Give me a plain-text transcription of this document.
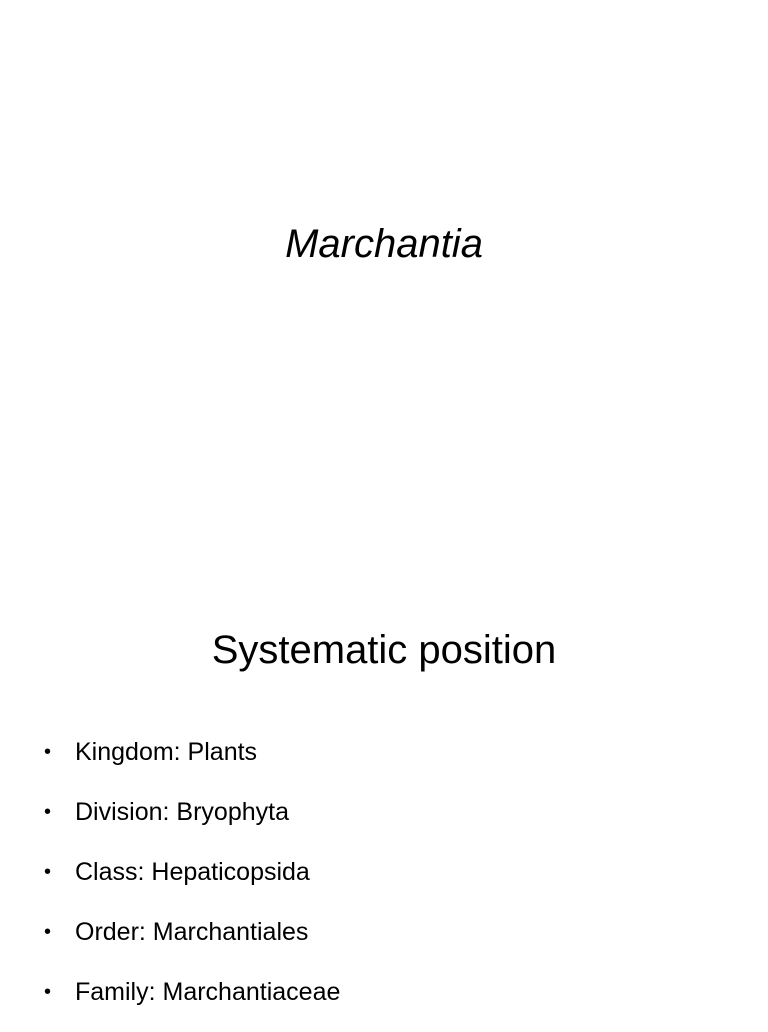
Marchantia
Systematic position
• Kingdom: Plants
• Division: Bryophyta
• Class: Hepaticopsida
• Order: Marchantiales
• Family: Marchantiaceae
